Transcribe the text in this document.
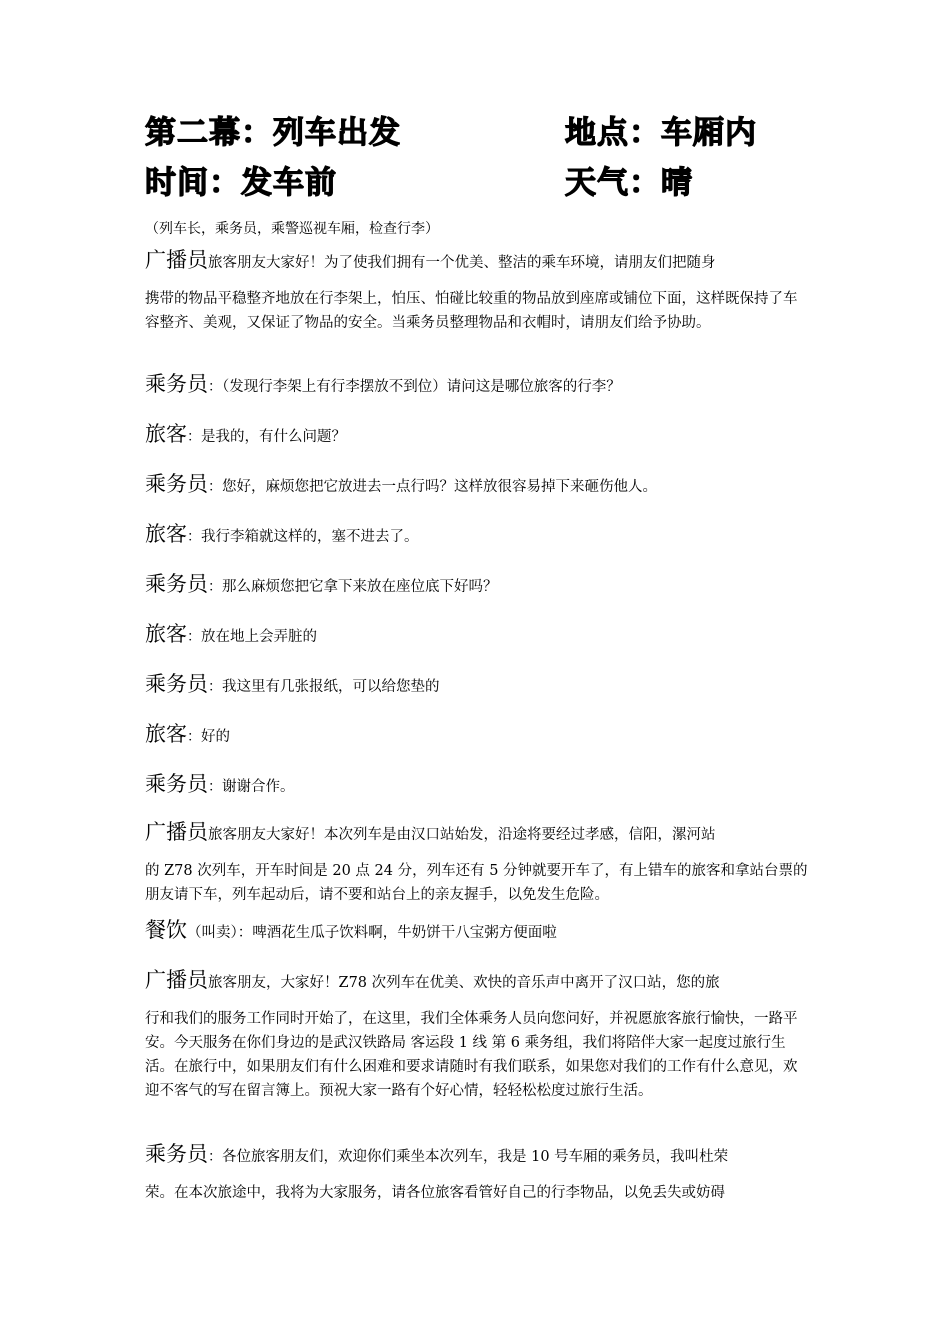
第二幕：列车出发	地点：车厢内
时间：发车前	天气：晴
（列车长，乘务员，乘警巡视车厢，检查行李）
广播员旅客朋友大家好！为了使我们拥有一个优美、整洁的乘车环境，请朋友们把随身
携带的物品平稳整齐地放在行李架上，怕压、怕碰比较重的物品放到座席或铺位下面，这样既保持了车容整齐、美观，又保证了物品的安全。当乘务员整理物品和衣帽时，请朋友们给予协助。
乘务员：（发现行李架上有行李摆放不到位）请问这是哪位旅客的行李？
旅客：是我的，有什么问题？
乘务员：您好，麻烦您把它放进去一点行吗？这样放很容易掉下来砸伤他人。
旅客：我行李箱就这样的，塞不进去了。
乘务员：那么麻烦您把它拿下来放在座位底下好吗？
旅客：放在地上会弄脏的
乘务员：我这里有几张报纸，可以给您垫的
旅客：好的
乘务员：谢谢合作。
广播员旅客朋友大家好！本次列车是由汉口站始发，沿途将要经过孝感，信阳，漯河站
的 Z78 次列车，开车时间是 20 点 24 分，列车还有 5 分钟就要开车了，有上错车的旅客和拿站台票的朋友请下车，列车起动后，请不要和站台上的亲友握手，以免发生危险。
餐饮（叫卖）：啤酒花生瓜子饮料啊，牛奶饼干八宝粥方便面啦
广播员旅客朋友，大家好！Z78 次列车在优美、欢快的音乐声中离开了汉口站，您的旅
行和我们的服务工作同时开始了，在这里，我们全体乘务人员向您问好，并祝愿旅客旅行愉快，一路平安。今天服务在你们身边的是武汉铁路局 客运段 1 线 第 6 乘务组，我们将陪伴大家一起度过旅行生活。在旅行中，如果朋友们有什么困难和要求请随时有我们联系，如果您对我们的工作有什么意见，欢迎不客气的写在留言簿上。预祝大家一路有个好心情，轻轻松松度过旅行生活。
乘务员：各位旅客朋友们，欢迎你们乘坐本次列车，我是 10 号车厢的乘务员，我叫杜荣
荣。在本次旅途中，我将为大家服务，请各位旅客看管好自己的行李物品，以免丢失或妨碍
